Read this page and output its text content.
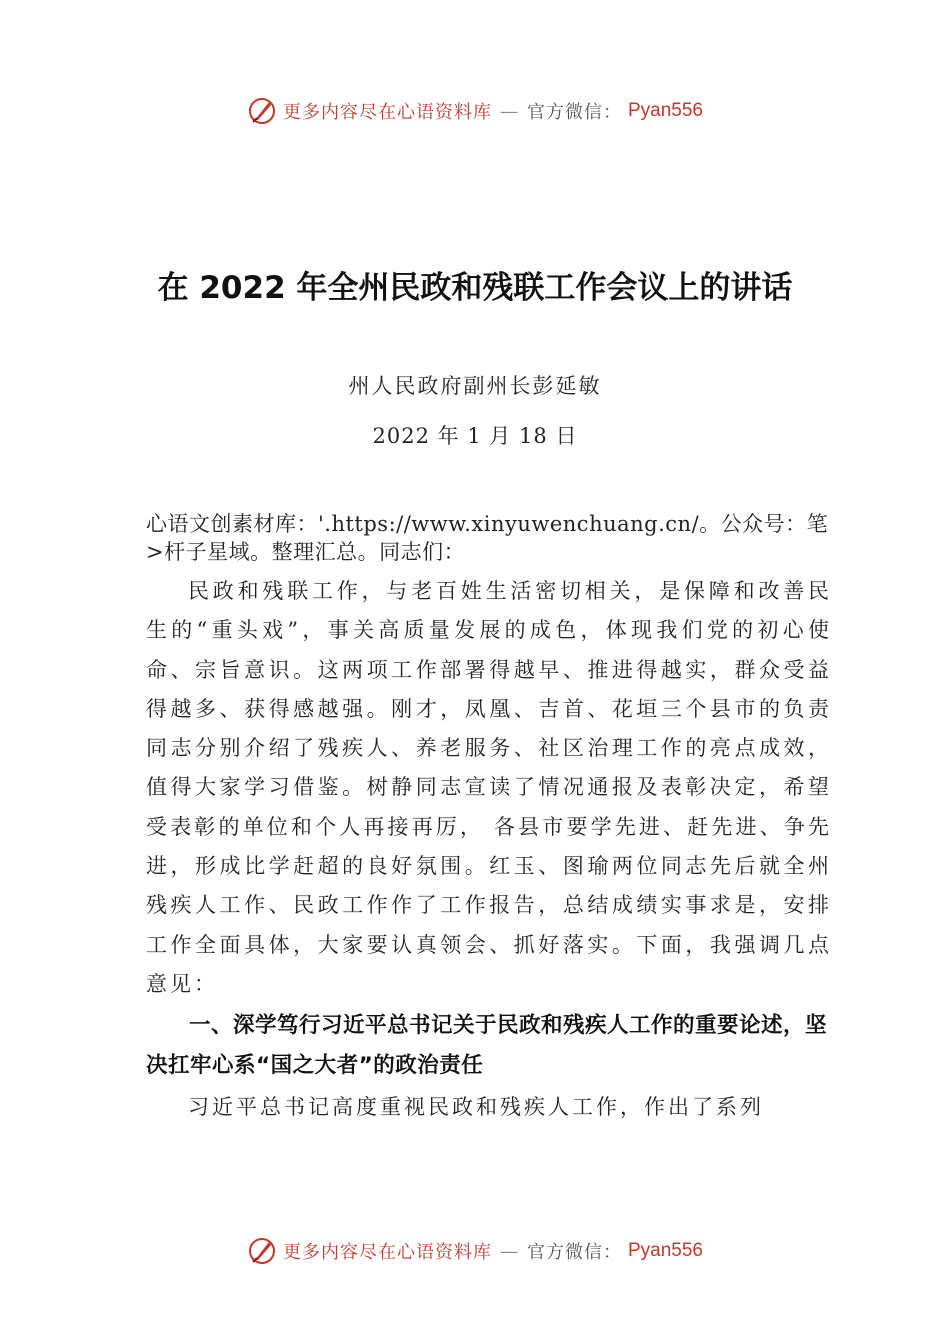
更多内容尽在心语资料库 — 官方微信： Pyan556
在 2022 年全州民政和残联工作会议上的讲话
州人民政府副州长彭延敏
2022 年 1 月 18 日

心语文创素材库：'.https://www.xinyuwenchuang.cn/。公众号：笔>杆子星域。整理汇总。同志们：

民政和残联工作，与老百姓生活密切相关，是保障和改善民生的“重头戏”，事关高质量发展的成色，体现我们党的初心使命、宗旨意识。这两项工作部署得越早、推进得越实，群众受益得越多、获得感越强。刚才，凤凰、吉首、花垣三个县市的负责同志分别介绍了残疾人、养老服务、社区治理工作的亮点成效，值得大家学习借鉴。树静同志宣读了情况通报及表彰决定，希望受表彰的单位和个人再接再厉， 各县市要学先进、赶先进、争先进，形成比学赶超的良好氛围。红玉、图瑜两位同志先后就全州残疾人工作、民政工作作了工作报告，总结成绩实事求是，安排工作全面具体，大家要认真领会、抓好落实。下面，我强调几点意见：

一、深学笃行习近平总书记关于民政和残疾人工作的重要论述，坚决扛牢心系“国之大者”的政治责任

习近平总书记高度重视民政和残疾人工作，作出了系列

更多内容尽在心语资料库 — 官方微信： Pyan556
